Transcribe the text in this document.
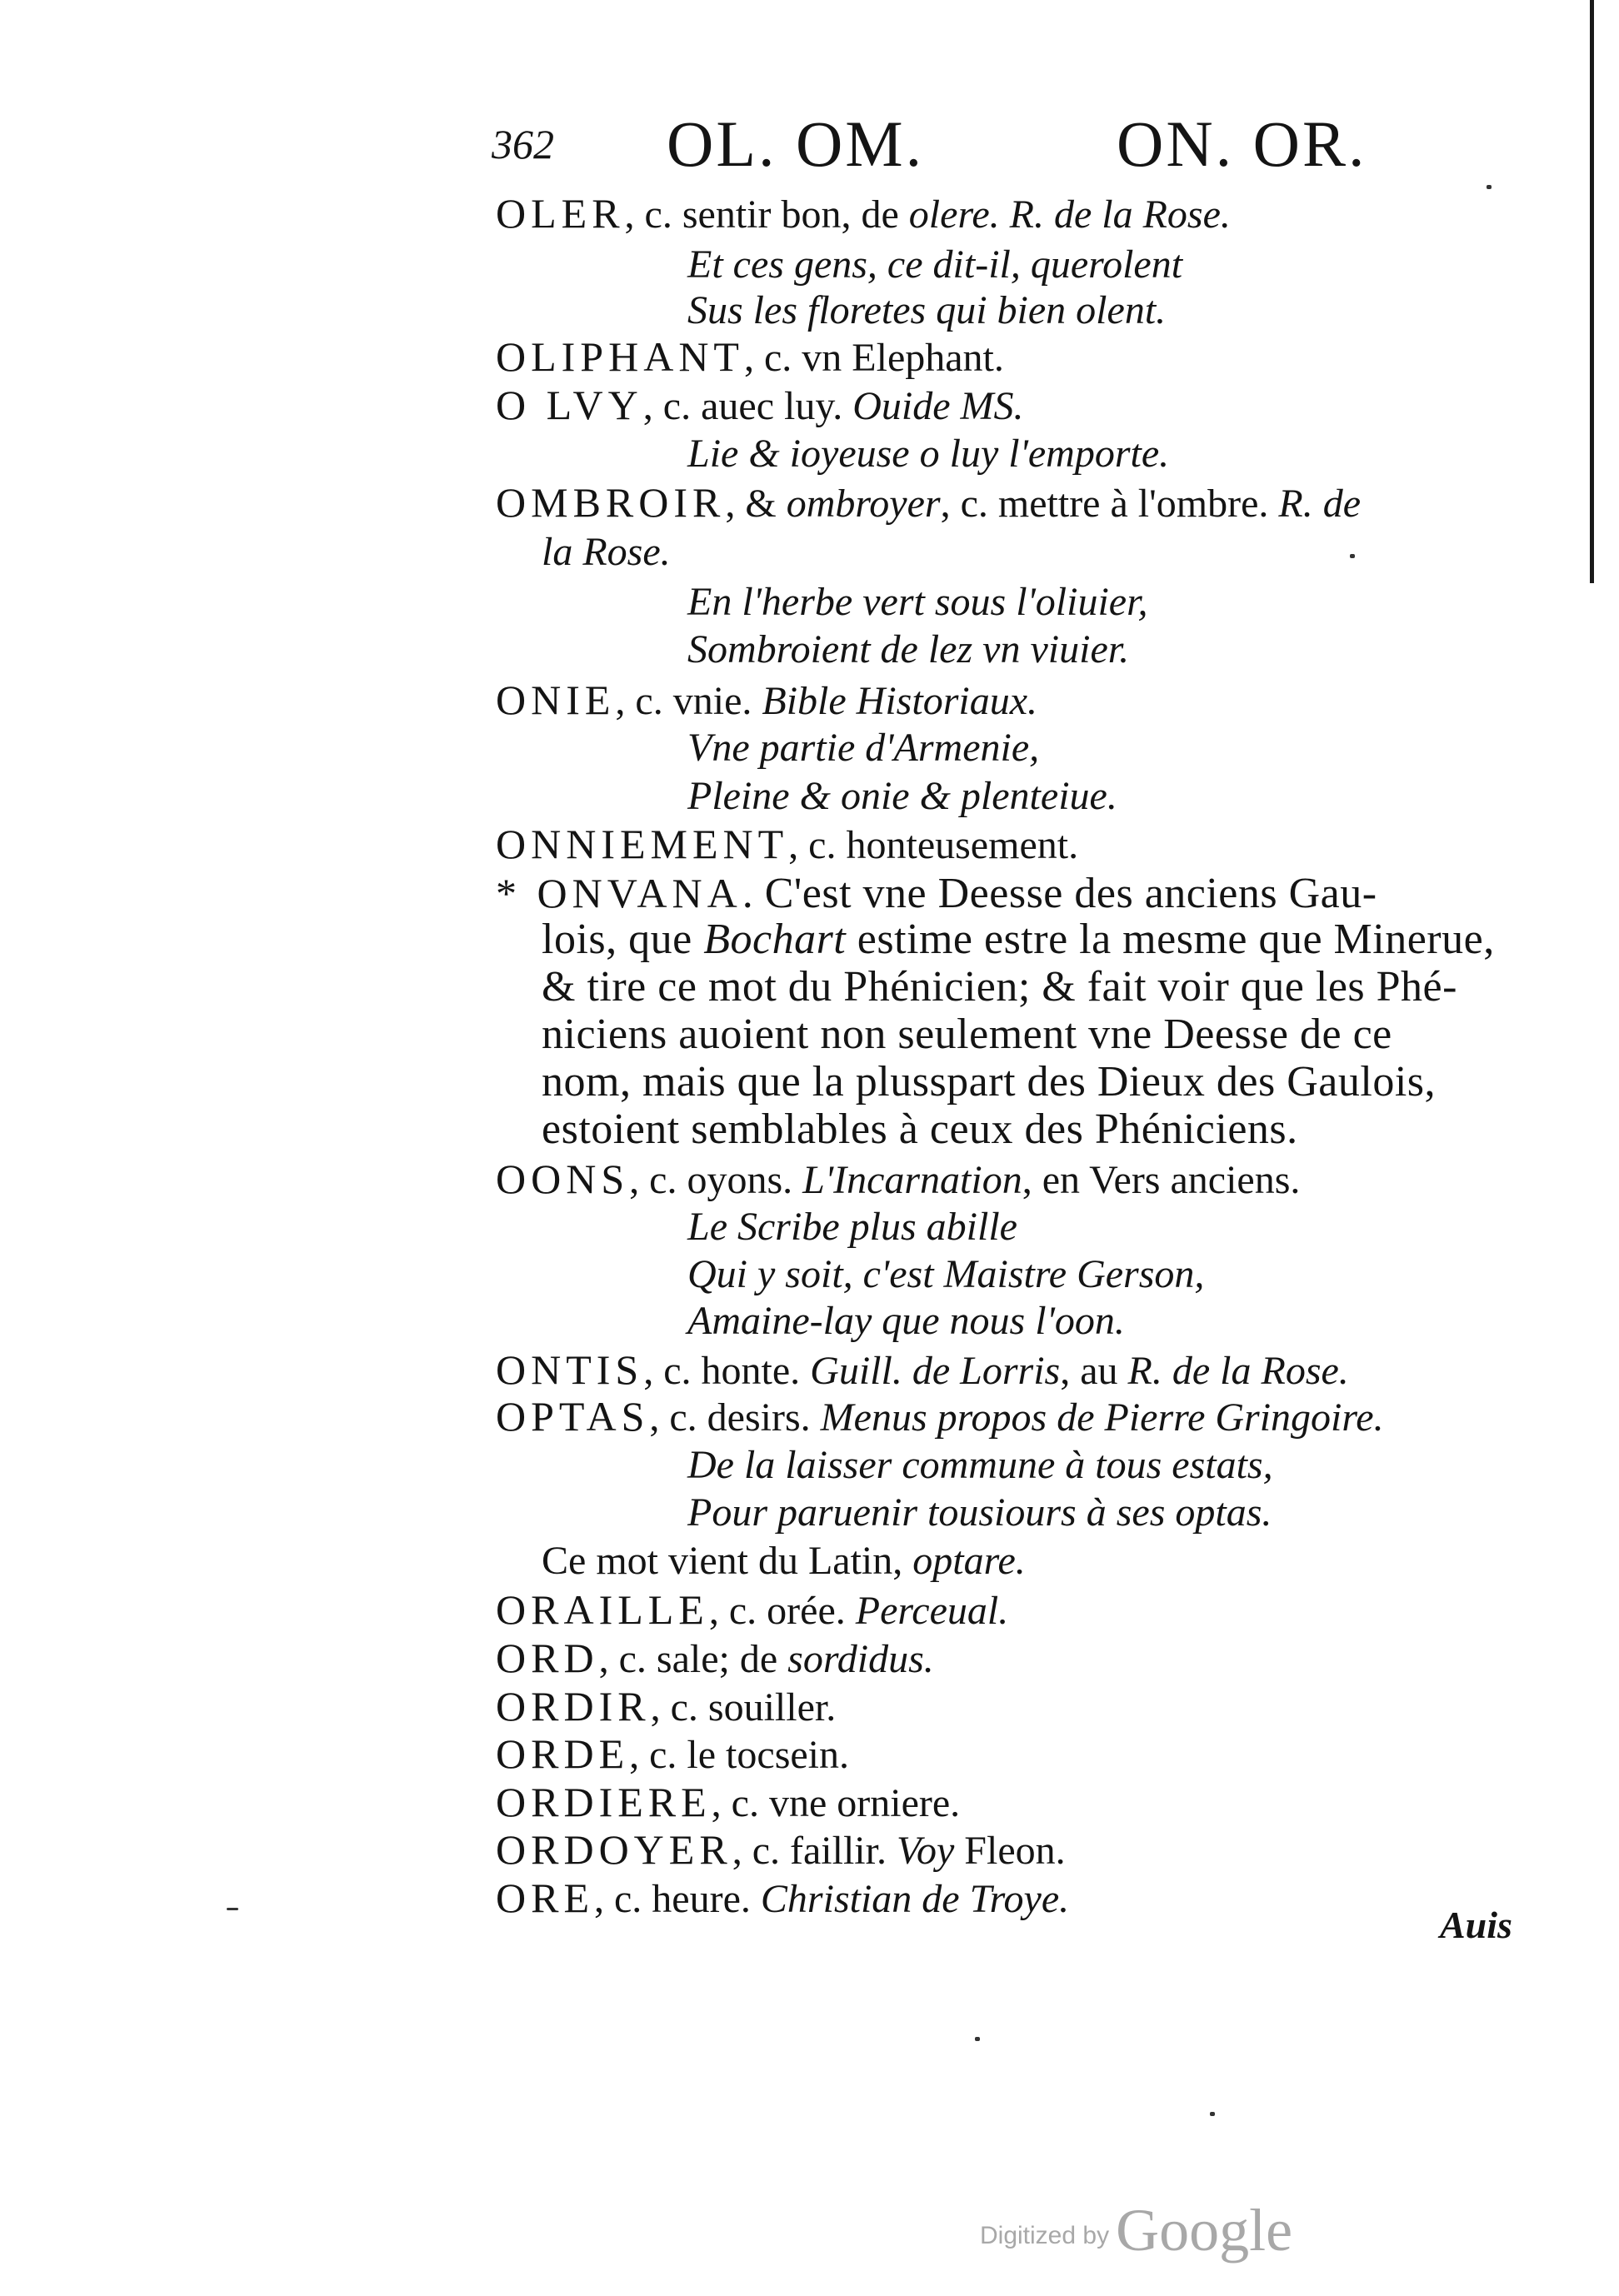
362 OL. OM.	ON. OR.
OLER, c. sentir bon, de olere. R. de la Rose.
Et ces gens, ce dit-il, querolent
Sus les floretes qui bien olent.
OLIPHANT, c. vn Elephant.
O LVY, c. auec luy. Ouide MS.
Lie & ioyeuse o luy l'emporte.
OMBROIR, & ombroyer, c. mettre à l'ombre. R. de
la Rose.
En l'herbe vert sous l'oliuier,
Sombroient de lez vn viuier.
ONIE, c. vnie. Bible Historiaux.
Vne partie d'Armenie,
Pleine & onie & plenteiue.
ONNIEMENT, c. honteusement.
* ONVANA. C'est vne Deesse des anciens Gau-
lois, que Bochart estime estre la mesme que Minerue,
& tire ce mot du Phénicien; & fait voir que les Phé-
niciens auoient non seulement vne Deesse de ce
nom, mais que la plusspart des Dieux des Gaulois,
estoient semblables à ceux des Phéniciens.
OONS, c. oyons. L'Incarnation, en Vers anciens.
Le Scribe plus abille
Qui y soit, c'est Maistre Gerson,
Amaine-lay que nous l'oon.
ONTIS, c. honte. Guill. de Lorris, au R. de la Rose.
OPTAS, c. desirs. Menus propos de Pierre Gringoire.
De la laisser commune à tous estats,
Pour paruenir tousiours à ses optas.
Ce mot vient du Latin, optare.
ORAILLE, c. orée. Perceual.
ORD, c. sale; de sordidus.
ORDIR, c. souiller.
ORDE, c. le tocsein.
ORDIERE, c. vne orniere.
ORDOYER, c. faillir. Voy Fleon.
ORE, c. heure. Christian de Troye.
Auis
Digitized by Google
